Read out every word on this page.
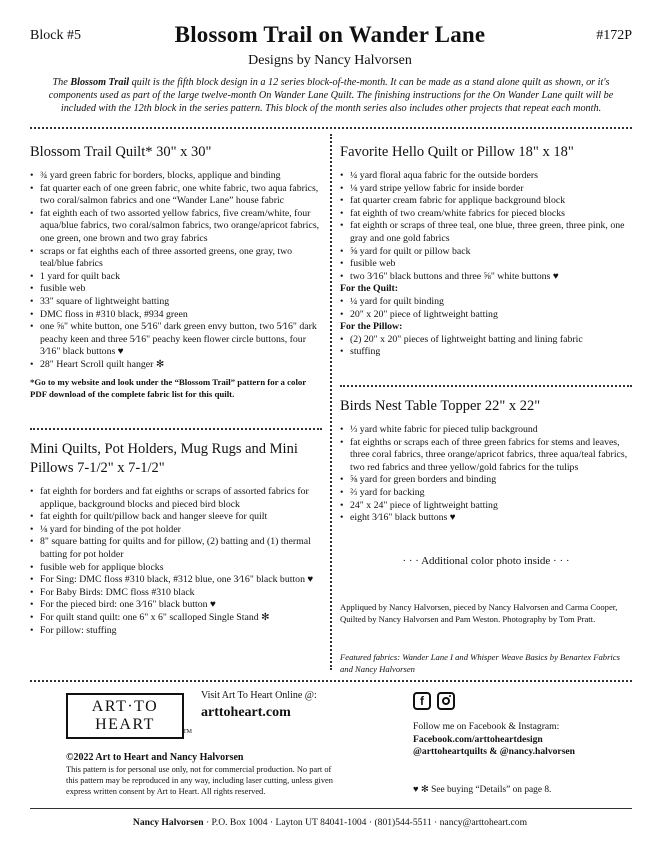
Block #5	Blossom Trail on Wander Lane	#172P
Designs by Nancy Halvorsen

The Blossom Trail quilt is the fifth block design in a 12 series block-of-the-month. It can be made as a stand alone quilt as shown, or it's components used as part of the large twelve-month On Wander Lane Quilt. The finishing instructions for the On Wander Lane quilt will be included with the 12th block in the series pattern. This block of the month series also includes other projects that repeat each month.

Blossom Trail Quilt* 30" x 30"
• ¾ yard green fabric for borders, blocks, applique and binding
• fat quarter each of one green fabric, one white fabric, two aqua fabrics, two coral/salmon fabrics and one “Wander Lane” house fabric
• fat eighth each of two assorted yellow fabrics, five cream/white, four aqua/blue fabrics, two coral/salmon fabrics, two orange/apricot fabrics, one green, one brown and two gray fabrics
• scraps or fat eighths each of three assorted greens, one gray, two teal/blue fabrics
• 1 yard for quilt back
• fusible web
• 33" square of lightweight batting
• DMC floss in #310 black, #934 green
• one ⅝" white button, one 5⁄16" dark green envy button, two 5⁄16" dark peachy keen and three 5⁄16" peachy keen flower circle buttons, four 3⁄16" black buttons ♥
• 28" Heart Scroll quilt hanger ✻
*Go to my website and look under the “Blossom Trail” pattern for a color PDF download of the complete fabric list for this quilt.
Mini Quilts, Pot Holders, Mug Rugs and Mini Pillows 7-1/2" x 7-1/2"
• fat eighth for borders and fat eighths or scraps of assorted fabrics for applique, background blocks and pieced bird block
• fat eighth for quilt/pillow back and hanger sleeve for quilt
• ⅛ yard for binding of the pot holder
• 8" square batting for quilts and for pillow, (2) batting and (1) thermal batting for pot holder
• fusible web for applique blocks
• For Sing: DMC floss #310 black, #312 blue, one 3⁄16" black button ♥
• For Baby Birds: DMC floss #310 black
• For the pieced bird: one 3⁄16" black button ♥
• For quilt stand quilt: one 6" x 6" scalloped Single Stand ✻
• For pillow: stuffing
Favorite Hello Quilt or Pillow 18" x 18"
• ¼ yard floral aqua fabric for the outside borders
• ⅛ yard stripe yellow fabric for inside border
• fat quarter cream fabric for applique background block
• fat eighth of two cream/white fabrics for pieced blocks
• fat eighth or scraps of three teal, one blue, three green, three pink, one gray and one gold fabrics
• ⅝ yard for quilt or pillow back
• fusible web
• two 3⁄16" black buttons and three ⅝" white buttons ♥
For the Quilt:
• ¼ yard for quilt binding
• 20" x 20" piece of lightweight batting
For the Pillow:
• (2) 20" x 20" pieces of lightweight batting and lining fabric
• stuffing
Birds Nest Table Topper 22" x 22"
• ⅓ yard white fabric for pieced tulip background
• fat eighths or scraps each of three green fabrics for stems and leaves, three coral fabrics, three orange/apricot fabrics, three aqua/teal fabrics, two red fabrics and three yellow/gold fabrics for the tulips
• ⅝ yard for green borders and binding
• ⅔ yard for backing
• 24" x 24" piece of lightweight batting
• eight 3⁄16" black buttons ♥
· · · Additional color photo inside · · ·
Appliqued by Nancy Halvorsen, pieced by Nancy Halvorsen and Carma Cooper, Quilted by Nancy Halvorsen and Pam Weston. Photography by Tom Pratt.
Featured fabrics: Wander Lane I and Whisper Weave Basics by Benartex Fabrics and Nancy Halvorsen
ART·TO
HEART	TM
Visit Art To Heart Online @:
arttoheart.com
©2022 Art to Heart and Nancy Halvorsen
This pattern is for personal use only, not for commercial production. No part of this pattern may be reproduced in any way, including laser cutting, unless given express written consent by Art to Heart. All rights reserved.
f
Follow me on Facebook & Instagram:
Facebook.com/arttoheartdesign
@arttoheartquilts & @nancy.halvorsen
♥ ✻ See buying “Details” on page 8.
Nancy Halvorsen · P.O. Box 1004 · Layton UT 84041-1004 · (801)544-5511 · nancy@arttoheart.com
